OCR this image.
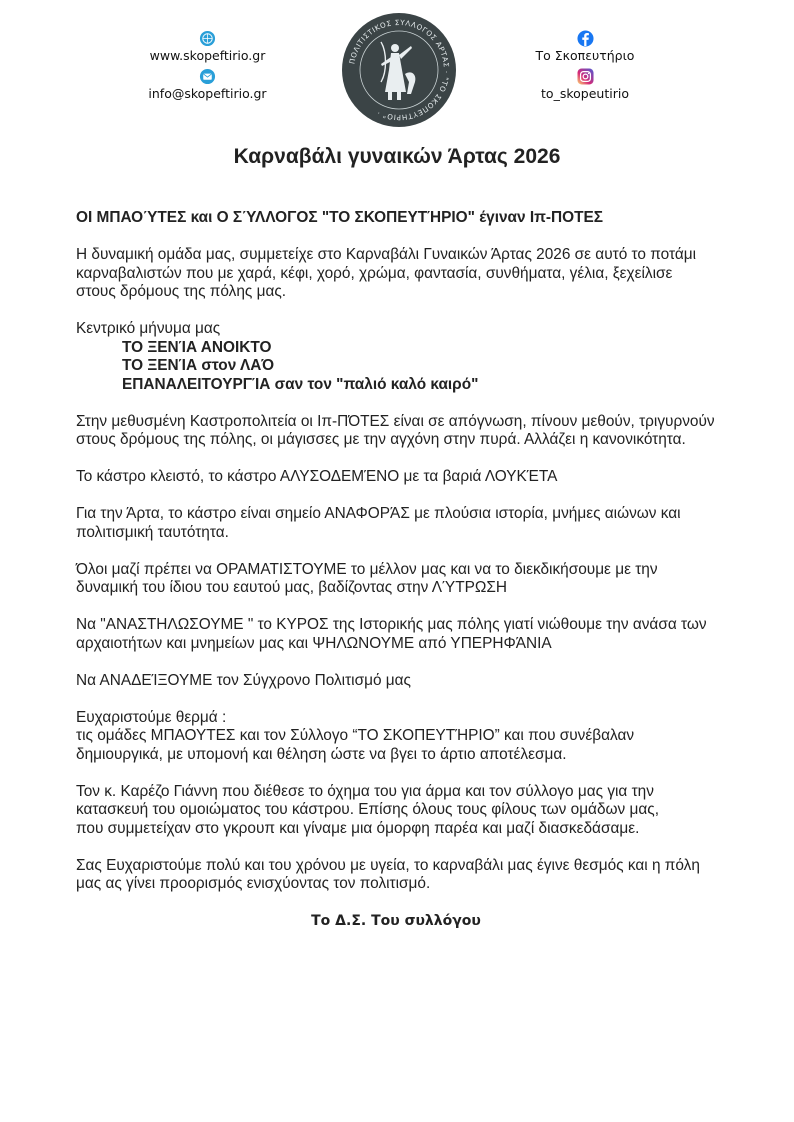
www.skopeftirio.gr
info@skopeftirio.gr
ΠΟΛΙΤΙΣΤΙΚΟΣ ΣΥΛΛΟΓΟΣ ΑΡΤΑΣ · "ΤΟ ΣΚΟΠΕΥΤΗΡΙΟ" ·
Το Σκοπευτήριο
to_skopeutirio
Καρναβάλι γυναικών Άρτας 2026

ΟΙ ΜΠΑΟΎΤΕΣ και Ο ΣΎΛΛΟΓΟΣ "ΤΟ ΣΚΟΠΕΥΤΉΡΙΟ" έγιναν Ιπ-ΠΟΤΕΣ

Η δυναμική ομάδα μας, συμμετείχε στο Καρναβάλι Γυναικών Άρτας 2026 σε αυτό το ποτάμι καρναβαλιστών που με χαρά, κέφι, χορό, χρώμα, φαντασία, συνθήματα, γέλια, ξεχείλισε στους δρόμους της πόλης μας.

Κεντρικό μήνυμα μας
ΤΟ ΞΕΝΊΑ ΑΝΟΙΚΤΟ
ΤΟ ΞΕΝΊΑ στον ΛΑΌ
ΕΠΑΝΑΛΕΙΤΟΥΡΓΊΑ σαν τον "παλιό καλό καιρό"

Στην μεθυσμένη Καστροπολιτεία οι Ιπ-ΠΌΤΕΣ είναι σε απόγνωση, πίνουν μεθούν, τριγυρνούν στους δρόμους της πόλης, οι μάγισσες με την αγχόνη στην πυρά. Αλλάζει η κανονικότητα.

Το κάστρο κλειστό, το κάστρο ΑΛΥΣΟΔΕΜΈΝΟ με τα βαριά ΛΟΥΚΈΤΑ

Για την Άρτα, το κάστρο είναι σημείο ΑΝΑΦΟΡΆΣ με πλούσια ιστορία, μνήμες αιώνων και πολιτισμική ταυτότητα.

Όλοι μαζί πρέπει να ΟΡΑΜΑΤΙΣΤΟΥΜΕ το μέλλον μας και να το διεκδικήσουμε με την δυναμική του ίδιου του εαυτού μας, βαδίζοντας στην ΛΎΤΡΩΣΗ

Να "ΑΝΑΣΤΗΛΩΣΟΥΜΕ " το ΚΥΡΟΣ της Ιστορικής μας πόλης γιατί νιώθουμε την ανάσα των αρχαιοτήτων και μνημείων μας και ΨΗΛΩΝΟΥΜΕ από ΥΠΕΡΗΦΆΝΙΑ

Να ΑΝΑΔΕΊΞΟΥΜΕ τον Σύγχρονο Πολιτισμό μας

Ευχαριστούμε θερμά :
τις ομάδες ΜΠΑΟΥΤΕΣ και τον Σύλλογο “ΤΟ ΣΚΟΠΕΥΤΉΡΙΟ” και που συνέβαλαν δημιουργικά, με υπομονή και θέληση ώστε να βγει το άρτιο αποτέλεσμα.

Τον κ. Καρέζο Γιάννη που διέθεσε το όχημα του για άρμα και τον σύλλογο μας για την κατασκευή του ομοιώματος του κάστρου. Επίσης όλους τους φίλους των ομάδων μας,
που συμμετείχαν στο γκρουπ και γίναμε μια όμορφη παρέα και μαζί διασκεδάσαμε.

Σας Ευχαριστούμε πολύ και του χρόνου με υγεία, το καρναβάλι μας έγινε θεσμός και η πόλη μας ας γίνει προορισμός ενισχύοντας τον πολιτισμό.

Το Δ.Σ. Του συλλόγου
